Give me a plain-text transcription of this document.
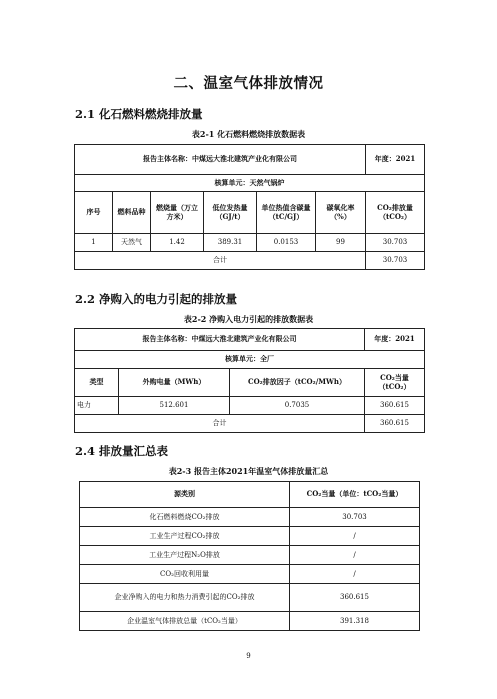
二、温室气体排放情况
2.1 化石燃料燃烧排放量
表2-1 化石燃料燃烧排放数据表
报告主体名称：中煤远大淮北建筑产业化有限公司						年度：2021
核算单元：天然气锅炉						
序号	燃料品种	燃烧量（万立方米）	低位发热量（GJ/t）	单位热值含碳量（tC/GJ）	碳氧化率（%）	CO₂排放量（tCO₂）
1	天然气	1.42	389.31	0.0153	99	30.703
合计						30.703
2.2 净购入的电力引起的排放量
表2-2 净购入电力引起的排放数据表
报告主体名称：中煤远大淮北建筑产业化有限公司			年度：2021
核算单元：全厂			
类型	外购电量（MWh）	CO₂排放因子（tCO₂/MWh）	CO₂当量（tCO₂）
电力	512.601	0.7035	360.615
合计			360.615
2.4 排放量汇总表
表2-3 报告主体2021年温室气体排放量汇总
源类别	CO₂当量（单位：tCO₂当量）
化石燃料燃烧CO₂排放	30.703
工业生产过程CO₂排放	/
工业生产过程N₂O排放	/
CO₂回收利用量	/
企业净购入的电力和热力消费引起的CO₂排放	360.615
企业温室气体排放总量（tCO₂当量）	391.318
9
